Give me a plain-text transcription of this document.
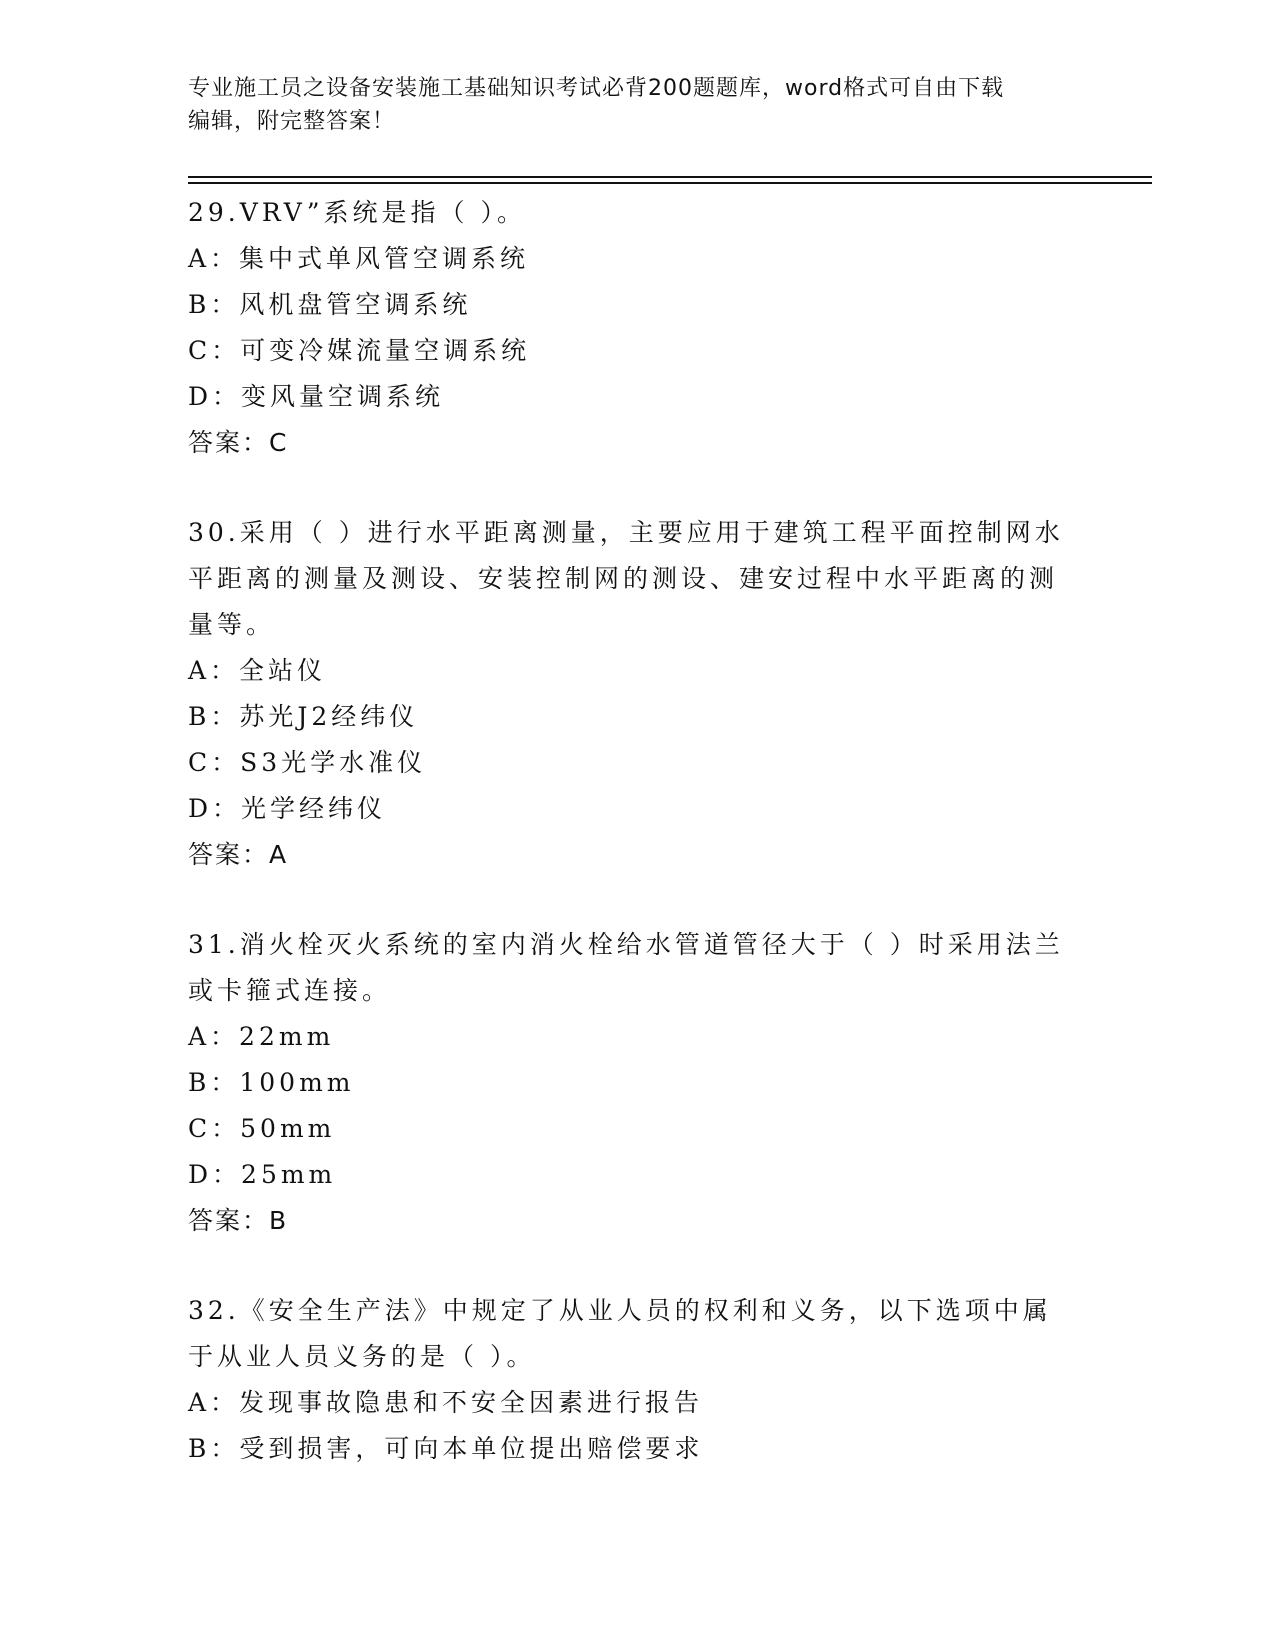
专业施工员之设备安装施工基础知识考试必背200题题库，word格式可自由下载
编辑，附完整答案！
29.VRV”系统是指（ ）。
A：集中式单风管空调系统
B：风机盘管空调系统
C：可变冷媒流量空调系统
D：变风量空调系统
答案：C
30.采用（ ）进行水平距离测量，主要应用于建筑工程平面控制网水平距离的测量及测设、安装控制网的测设、建安过程中水平距离的测量等。
A：全站仪
B：苏光J2经纬仪
C：S3光学水准仪
D：光学经纬仪
答案：A
31.消火栓灭火系统的室内消火栓给水管道管径大于（ ）时采用法兰或卡箍式连接。
A：22mm
B：100mm
C：50mm
D：25mm
答案：B
32.《安全生产法》中规定了从业人员的权利和义务，以下选项中属于从业人员义务的是（ ）。
A：发现事故隐患和不安全因素进行报告
B：受到损害，可向本单位提出赔偿要求
